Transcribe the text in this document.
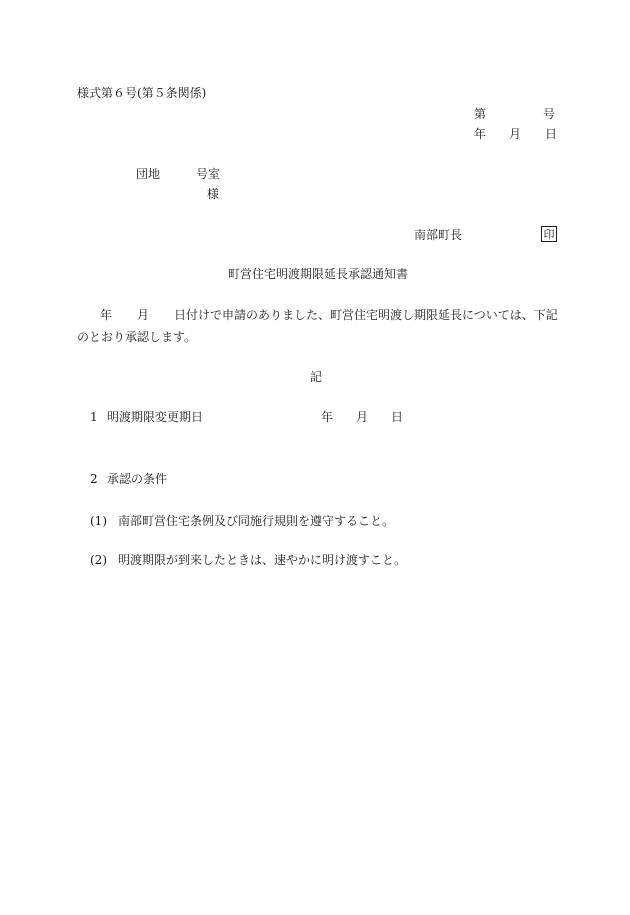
様式第６号(第５条関係)
第	号
年 月 日
団地	号室
様
南部町長	印
町営住宅明渡期限延長承認通知書
年 月 日付けで申請のありました、町営住宅明渡し期限延長については、下記
のとおり承認します。
記
1 明渡期限変更期日	年 月 日
2 承認の条件
(1) 南部町営住宅条例及び同施行規則を遵守すること。
(2) 明渡期限が到来したときは、速やかに明け渡すこと。
